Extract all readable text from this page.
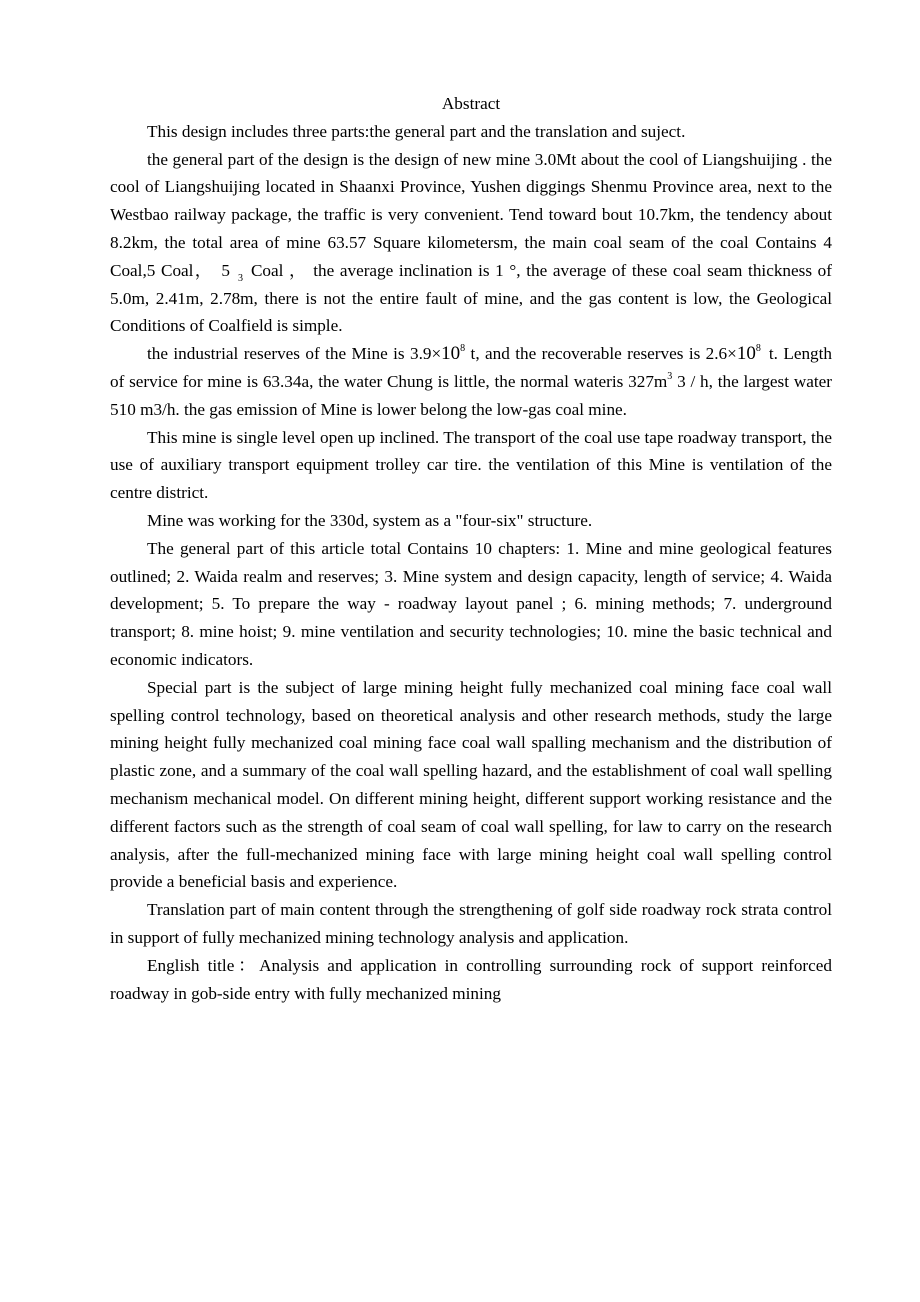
Abstract

This design includes three parts:the general part and the translation and suject.

the general part of the design is the design of new mine 3.0Mt about the cool of Liangshuijing . the cool of Liangshuijing located in Shaanxi Province, Yushen diggings Shenmu Province area, next to the Westbao railway package, the traffic is very convenient. Tend toward bout 10.7km, the tendency about 8.2km, the total area of mine 63.57 Square kilometersm, the main coal seam of the coal Contains 4 Coal,5 Coal， 5 $_3$ Coal ， the average inclination is 1 °, the average of these coal seam thickness of 5.0m, 2.41m, 2.78m, there is not the entire fault of mine, and the gas content is low, the Geological Conditions of Coalfield is simple.

the industrial reserves of the Mine is $3.9\times 10^8$ t, and the recoverable reserves is $2.6\times 10^8$ t. Length of service for mine is 63.34a, the water Chung is little, the normal wateris $327m^3$ 3 / h, the largest water 510 m3/h. the gas emission of Mine is lower belong the low-gas coal mine.

This mine is single level open up inclined. The transport of the coal use tape roadway transport, the use of auxiliary transport equipment trolley car tire. the ventilation of this Mine is ventilation of the centre district.

Mine was working for the 330d, system as a "four-six" structure.

The general part of this article total Contains 10 chapters: 1. Mine and mine geological features outlined; 2. Waida realm and reserves; 3. Mine system and design capacity, length of service; 4. Waida development; 5. To prepare the way - roadway layout panel ; 6. mining methods; 7. underground transport; 8. mine hoist; 9. mine ventilation and security technologies; 10. mine the basic technical and economic indicators.

Special part is the subject of large mining height fully mechanized coal mining face coal wall spelling control technology, based on theoretical analysis and other research methods, study the large mining height fully mechanized coal mining face coal wall spalling mechanism and the distribution of plastic zone, and a summary of the coal wall spelling hazard, and the establishment of coal wall spelling mechanism mechanical model. On different mining height, different support working resistance and the different factors such as the strength of coal seam of coal wall spelling, for law to carry on the research analysis, after the full-mechanized mining face with large mining height coal wall spelling control provide a beneficial basis and experience.

Translation part of main content through the strengthening of golf side roadway rock strata control in support of fully mechanized mining technology analysis and application.

English title：Analysis and application in controlling surrounding rock of support reinforced roadway in gob-side entry with fully mechanized mining
